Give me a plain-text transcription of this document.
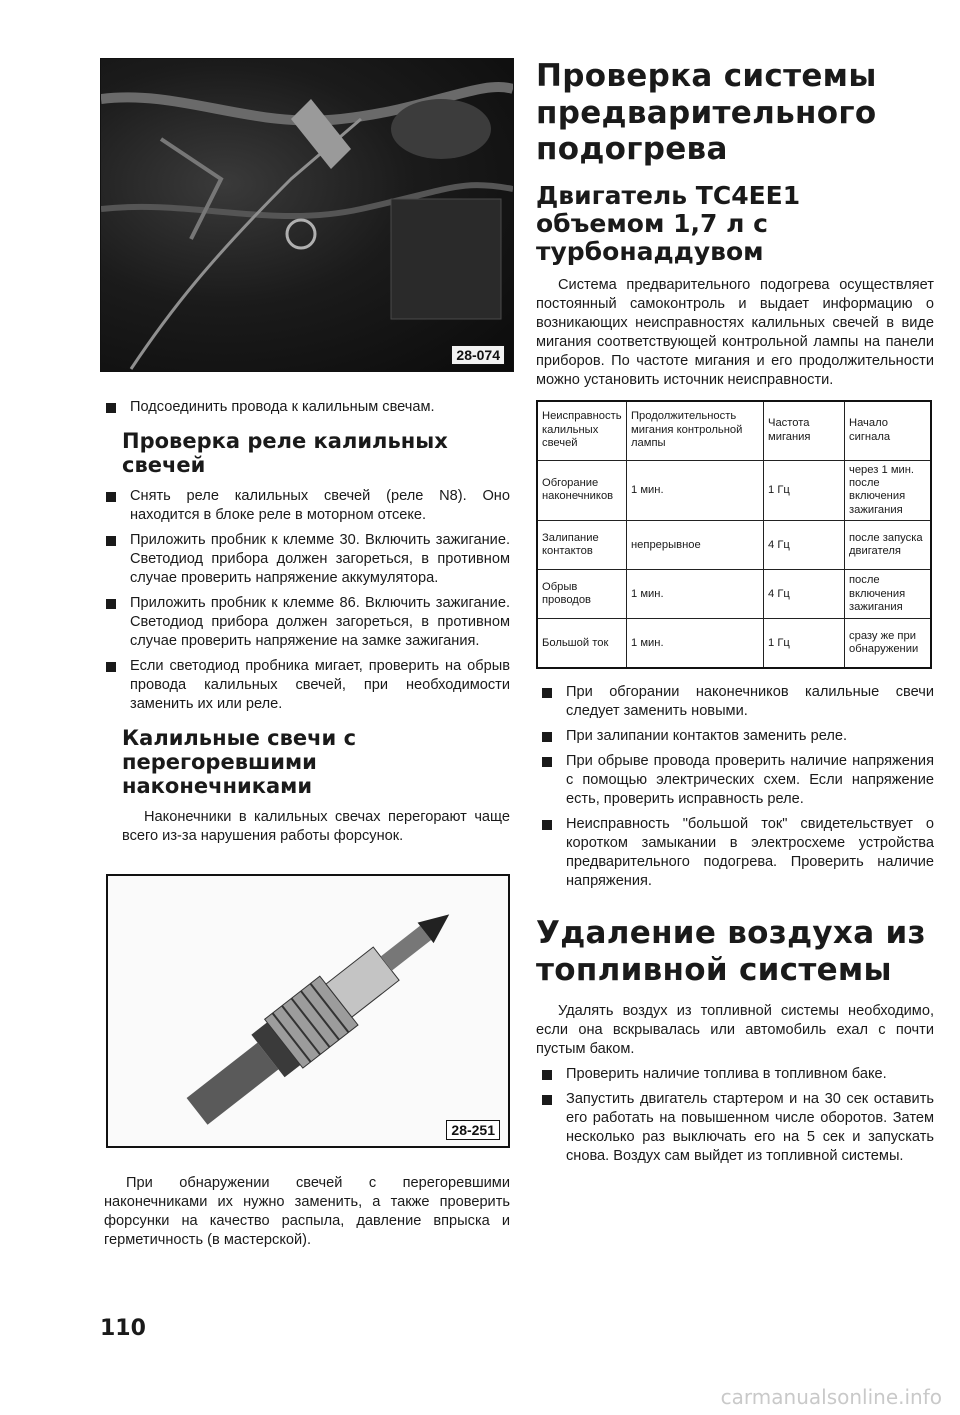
28-074
Подсоединить провода к калильным свечам.
Проверка реле калильных свечей
Снять реле калильных свечей (реле N8). Оно находится в блоке реле в моторном отсеке.
Приложить пробник к клемме 30. Включить зажигание. Светодиод прибора должен загореться, в противном случае проверить напряжение аккумулятора.
Приложить пробник к клемме 86. Включить зажигание. Светодиод прибора должен загореться, в противном случае проверить напряжение на замке зажигания.
Если светодиод пробника мигает, проверить на обрыв провода калильных свечей, при необходимости заменить их или реле.
Калильные свечи с перегоревшими наконечниками

Наконечники в калильных свечах перегорают чаще всего из-за нарушения работы форсунок.

28-251

При обнаружении свечей с перегоревшими наконечниками их нужно заменить, а также проверить форсунки на качество распыла, давление впрыска и герметичность (в мастерской).

110
Проверка системы предварительного подогрева
Двигатель TC4EE1 объемом 1,7 л с турбонаддувом

Система предварительного подогрева осуществляет постоянный самоконтроль и выдает информацию о возникающих неисправностях калильных свечей в виде мигания соответствующей контрольной лампы на панели приборов. По частоте мигания и его продолжительности можно установить источник неисправности.

Неисправность калильных свечей	Продолжительность мигания контрольной лампы	Частота мигания	Начало сигнала
Обгорание наконечников	1 мин.	1 Гц	через 1 мин. после включения зажигания
Залипание контактов	непрерывное	4 Гц	после запуска двигателя
Обрыв проводов	1 мин.	4 Гц	после включения зажигания
Большой ток	1 мин.	1 Гц	сразу же при обнаружении
При обгорании наконечников калильные свечи следует заменить новыми.
При залипании контактов заменить реле.
При обрыве провода проверить наличие напряжения с помощью электрических схем. Если напряжение есть, проверить исправность реле.
Неисправность "большой ток" свидетельствует о коротком замыкании в электросхеме устройства предварительного подогрева. Проверить наличие напряжения.
Удаление воздуха из топливной системы

Удалять воздух из топливной системы необходимо, если она вскрывалась или автомобиль ехал с почти пустым баком.

Проверить наличие топлива в топливном баке.
Запустить двигатель стартером и на 30 сек оставить его работать на повышенном числе оборотов. Затем несколько раз выключать его на 5 сек и запускать снова. Воздух сам выйдет из топливной системы.
carmanualsonline.info
